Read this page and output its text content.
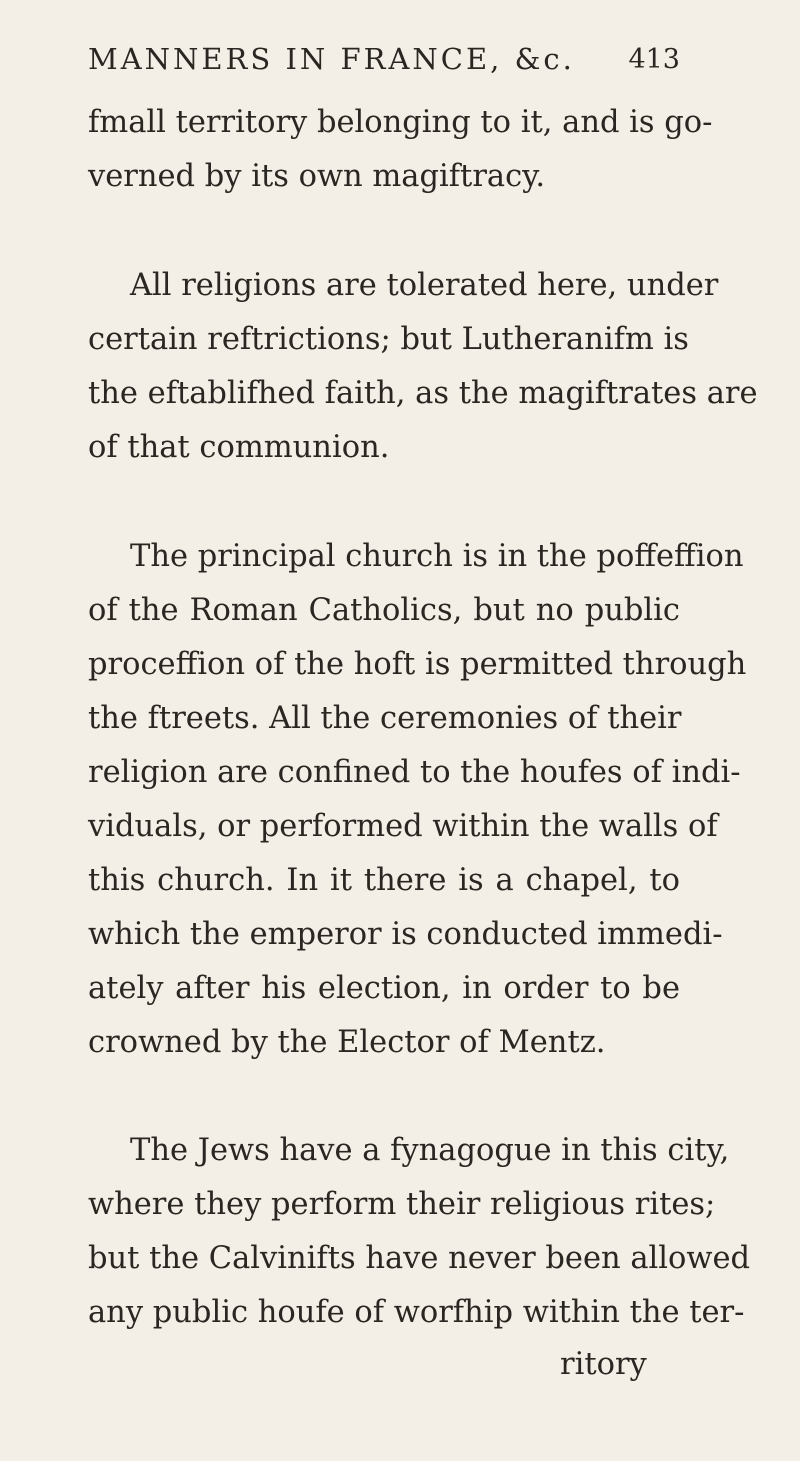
MANNERS IN FRANCE, &c. 413
fmall territory belonging to it, and is go-
verned by its own magiftracy.
All religions are tolerated here, under
certain reftrictions; but Lutheranifm is
the eftablifhed faith, as the magiftrates are
of that communion.
The principal church is in the poffeffion
of the Roman Catholics, but no public
proceffion of the hoft is permitted through
the ftreets. All the ceremonies of their
religion are confined to the houfes of indi-
viduals, or performed within the walls of
this church. In it there is a chapel, to
which the emperor is conducted immedi-
ately after his election, in order to be
crowned by the Elector of Mentz.
The Jews have a fynagogue in this city,
where they perform their religious rites;
but the Calvinifts have never been allowed
any public houfe of worfhip within the ter-
ritory
